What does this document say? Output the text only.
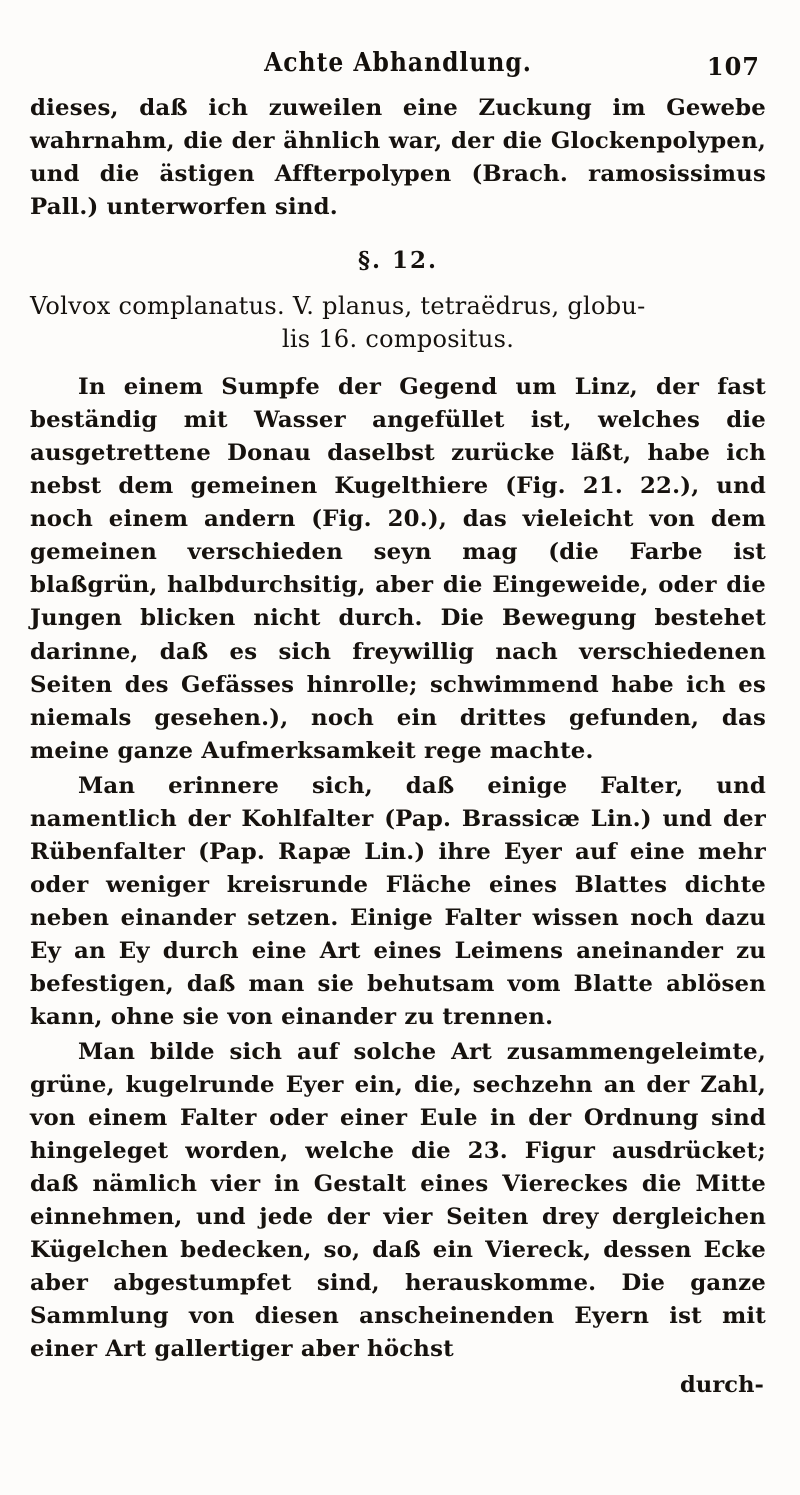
Achte Abhandlung.	107

dieses, daß ich zuweilen eine Zuckung im Gewebe wahrnahm, die der ähnlich war, der die Glockenpolypen, und die ästigen Affterpolypen (Brach. ramosissimus Pall.) unterworfen sind.

§. 12.
Volvox complanatus. V. planus, tetraëdrus, globu-
lis 16. compositus.

In einem Sumpfe der Gegend um Linz, der fast beständig mit Wasser angefüllet ist, welches die ausgetrettene Donau daselbst zurücke läßt, habe ich nebst dem gemeinen Kugelthiere (Fig. 21. 22.), und noch einem andern (Fig. 20.), das vieleicht von dem gemeinen verschieden seyn mag (die Farbe ist blaßgrün, halbdurchsitig, aber die Eingeweide, oder die Jungen blicken nicht durch. Die Bewegung bestehet darinne, daß es sich freywillig nach verschiedenen Seiten des Gefässes hinrolle; schwimmend habe ich es niemals gesehen.), noch ein drittes gefunden, das meine ganze Aufmerksamkeit rege machte.

Man erinnere sich, daß einige Falter, und namentlich der Kohlfalter (Pap. Brassicæ Lin.) und der Rübenfalter (Pap. Rapæ Lin.) ihre Eyer auf eine mehr oder weniger kreisrunde Fläche eines Blattes dichte neben einander setzen. Einige Falter wissen noch dazu Ey an Ey durch eine Art eines Leimens aneinander zu befestigen, daß man sie behutsam vom Blatte ablösen kann, ohne sie von einander zu trennen.

Man bilde sich auf solche Art zusammengeleimte, grüne, kugelrunde Eyer ein, die, sechzehn an der Zahl, von einem Falter oder einer Eule in der Ordnung sind hingeleget worden, welche die 23. Figur ausdrücket; daß nämlich vier in Gestalt eines Viereckes die Mitte einnehmen, und jede der vier Seiten drey dergleichen Kügelchen bedecken, so, daß ein Viereck, dessen Ecke aber abgestumpfet sind, herauskomme. Die ganze Sammlung von diesen anscheinenden Eyern ist mit einer Art gallertiger aber höchst

durch-
